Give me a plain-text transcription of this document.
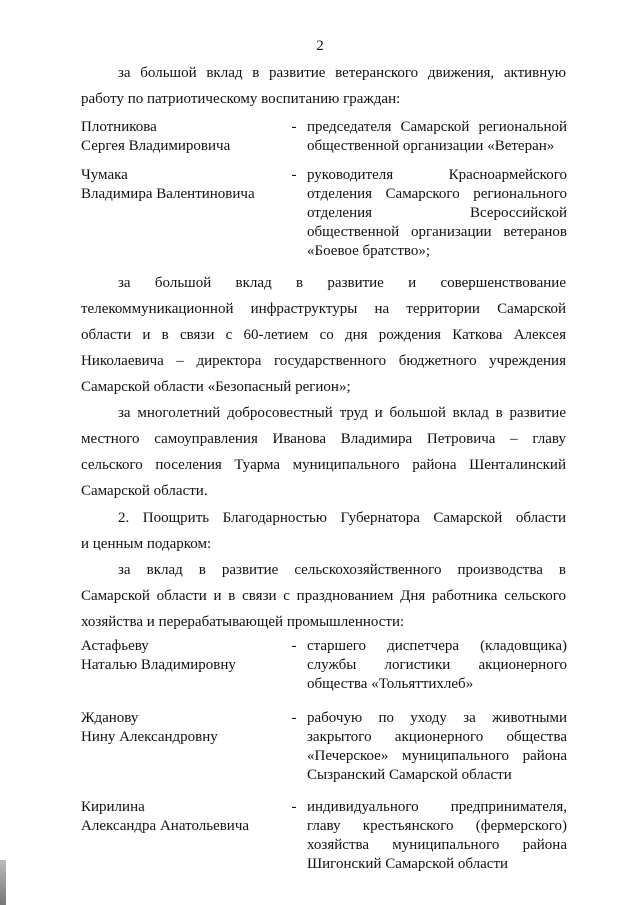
2
за большой вклад в развитие ветеранского движения, активную
работу по патриотическому воспитанию граждан:
Плотникова
Сергея Владимировича
- председателя Самарской региональной
общественной организации «Ветеран»
Чумака
Владимира Валентиновича
- руководителя Красноармейского
отделения Самарского регионального
отделения Всероссийской
общественной организации ветеранов
«Боевое братство»;
за большой вклад в развитие и совершенствование
телекоммуникационной инфраструктуры на территории Самарской
области и в связи с 60-летием со дня рождения Каткова Алексея
Николаевича – директора государственного бюджетного учреждения
Самарской области «Безопасный регион»;
за многолетний добросовестный труд и большой вклад в развитие
местного самоуправления Иванова Владимира Петровича – главу
сельского поселения Туарма муниципального района Шенталинский
Самарской области.
2. Поощрить Благодарностью Губернатора Самарской области
и ценным подарком:
за вклад в развитие сельскохозяйственного производства в
Самарской области и в связи с празднованием Дня работника сельского
хозяйства и перерабатывающей промышленности:
Астафьеву
Наталью Владимировну
- старшего диспетчера (кладовщика)
службы логистики акционерного
общества «Тольяттихлеб»
Жданову
Нину Александровну
- рабочую по уходу за животными
закрытого акционерного общества
«Печерское» муниципального района
Сызранский Самарской области
Кирилина
Александра Анатольевича
- индивидуального предпринимателя,
главу крестьянского (фермерского)
хозяйства муниципального района
Шигонский Самарской области
